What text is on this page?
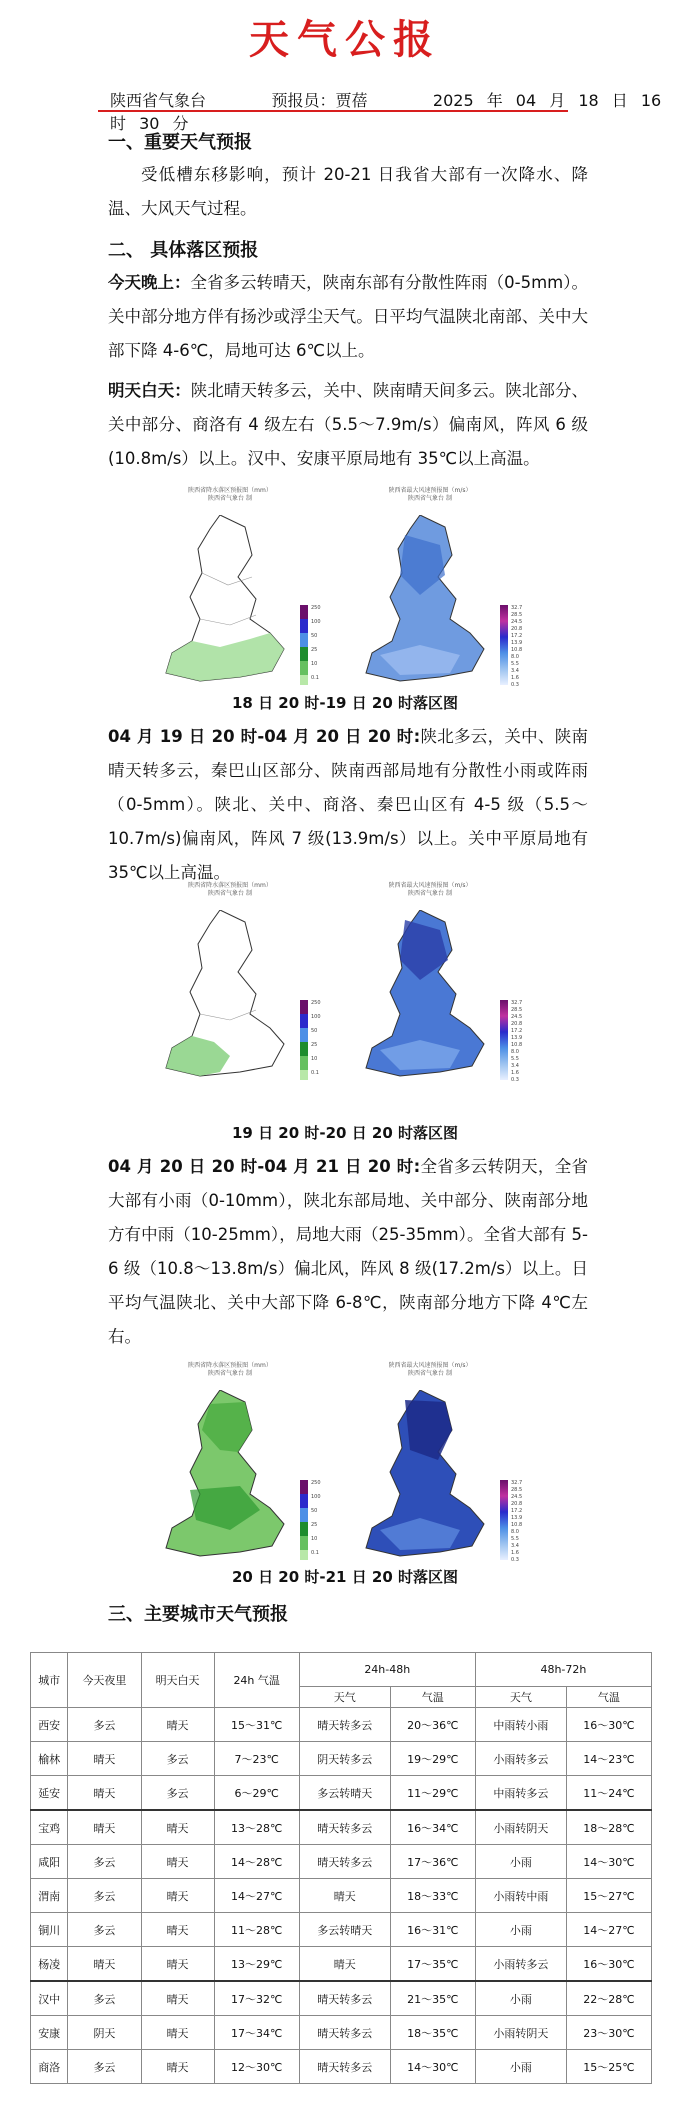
天气公报
陕西省气象台	预报员：贾蓓	2025 年 04 月 18 日 16 时 30 分
一、重要天气预报
受低槽东移影响，预计 20-21 日我省大部有一次降水、降温、大风天气过程。
二、 具体落区预报
今天晚上：全省多云转晴天，陕南东部有分散性阵雨（0-5mm）。关中部分地方伴有扬沙或浮尘天气。日平均气温陕北南部、关中大部下降 4-6℃，局地可达 6℃以上。
明天白天：陕北晴天转多云，关中、陕南晴天间多云。陕北部分、关中部分、商洛有 4 级左右（5.5～7.9m/s）偏南风，阵风 6 级(10.8m/s）以上。汉中、安康平原局地有 35℃以上高温。
陕西省降水落区预报图（mm）
陕西省气象台 制
250
100
50
25
10
0.1
陕西省最大风速预报图（m/s）
陕西省气象台 制
32.7
28.5
24.5
20.8
17.2
13.9
10.8
8.0
5.5
3.4
1.6
0.3
18 日 20 时-19 日 20 时落区图
04 月 19 日 20 时-04 月 20 日 20 时:陕北多云，关中、陕南晴天转多云，秦巴山区部分、陕南西部局地有分散性小雨或阵雨（0-5mm）。陕北、关中、商洛、秦巴山区有 4-5 级（5.5～10.7m/s)偏南风，阵风 7 级(13.9m/s）以上。关中平原局地有 35℃以上高温。
陕西省降水落区预报图（mm）
陕西省气象台 制
250
100
50
25
10
0.1
陕西省最大风速预报图（m/s）
陕西省气象台 制
32.7
28.5
24.5
20.8
17.2
13.9
10.8
8.0
5.5
3.4
1.6
0.3
19 日 20 时-20 日 20 时落区图
04 月 20 日 20 时-04 月 21 日 20 时:全省多云转阴天，全省大部有小雨（0-10mm），陕北东部局地、关中部分、陕南部分地方有中雨（10-25mm），局地大雨（25-35mm）。全省大部有 5-6 级（10.8～13.8m/s）偏北风，阵风 8 级(17.2m/s）以上。日平均气温陕北、关中大部下降 6-8℃，陕南部分地方下降 4℃左右。
陕西省降水落区预报图（mm）
陕西省气象台 制
250
100
50
25
10
0.1
陕西省最大风速预报图（m/s）
陕西省气象台 制
32.7
28.5
24.5
20.8
17.2
13.9
10.8
8.0
5.5
3.4
1.6
0.3
20 日 20 时-21 日 20 时落区图
三、主要城市天气预报
城市	今天夜里	明天白天	24h 气温	24h-48h		48h-72h	
				天气	气温	天气	气温
西安	多云	晴天	15～31℃	晴天转多云	20～36℃	中雨转小雨	16～30℃
榆林	晴天	多云	7～23℃	阴天转多云	19～29℃	小雨转多云	14～23℃
延安	晴天	多云	6～29℃	多云转晴天	11～29℃	中雨转多云	11～24℃
宝鸡	晴天	晴天	13～28℃	晴天转多云	16～34℃	小雨转阴天	18～28℃
咸阳	多云	晴天	14～28℃	晴天转多云	17～36℃	小雨	14～30℃
渭南	多云	晴天	14～27℃	晴天	18～33℃	小雨转中雨	15～27℃
铜川	多云	晴天	11～28℃	多云转晴天	16～31℃	小雨	14～27℃
杨凌	晴天	晴天	13～29℃	晴天	17～35℃	小雨转多云	16～30℃
汉中	多云	晴天	17～32℃	晴天转多云	21～35℃	小雨	22～28℃
安康	阴天	晴天	17～34℃	晴天转多云	18～35℃	小雨转阴天	23～30℃
商洛	多云	晴天	12～30℃	晴天转多云	14～30℃	小雨	15～25℃
